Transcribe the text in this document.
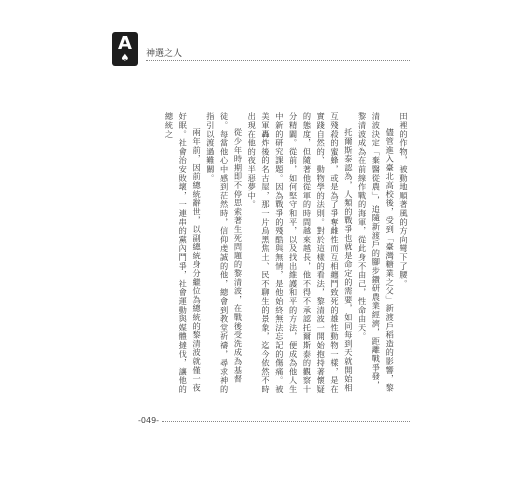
A
♠	神選之人

田裡的作物，被動地順著風的方向彎下了腰。

儘管進入臺北高校後，受到「臺灣糖業之父」新渡戶稻造的影響，黎清波決定「棄醫從農」，追隨新渡戶的腳步鑽研農業經濟，距離戰爭發，黎清波成為在前線作戰的海軍，從此身不由己，性命由天。

托爾斯泰認為，人類的戰爭也就是命定的需要，如同每到天就開始相互殘殺的蜜蜂，或是為了爭奪雌性而互相纏鬥致死的雄性動物一樣，是在實踐自然的、動物學的法則。對於這樣的看法，黎清波一開始抱持著懷疑的態度，但隨著他從軍的時間越來越長，他不得不承認托爾斯泰的觀察十分精闢。從前，如何堅守和平，以及找出維護和平的方法，便成為他人生中新的研究課題。因為戰爭的殘酷與無情，是他始終無法忘記的傷痛。被美軍轟炸後的名古屋，那一片烏黑焦土、民不聊生的景象，迄今依然不時出現在他的夜半惡夢中。

從少年時期即不停思索著生死問題的黎清波，在戰後受洗成為基督徒。每當他心中感到茫然時，信仰虔誠的他，總會到教堂祈禱，尋求神的指引以渡過難關。

兩年前，因前總統辭世，以副總統身分繼位為總統的黎清波就僅一夜好眠。社會治安敗壞，一連串的黨內鬥爭，社會運動與媒體撻伐，讓他的總統之

-049-
